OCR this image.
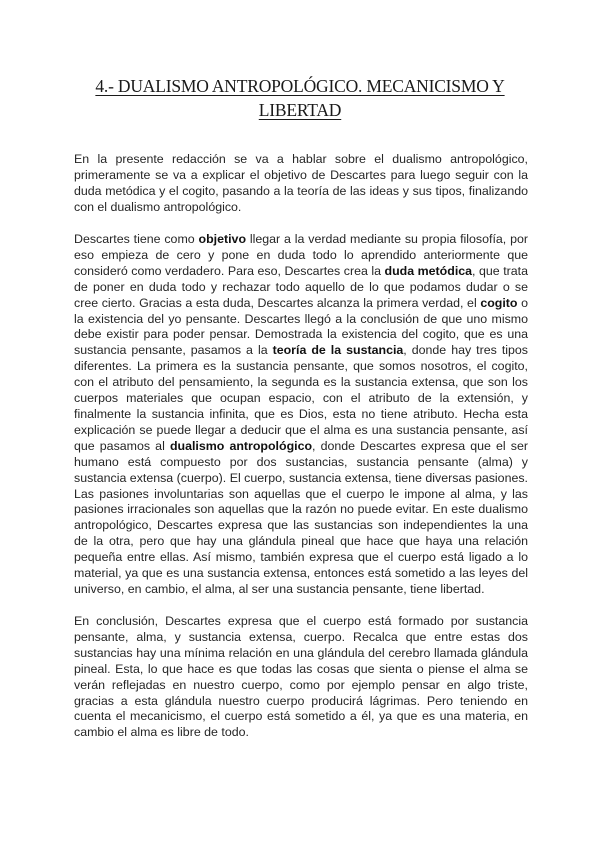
4.- DUALISMO ANTROPOLÓGICO. MECANICISMO Y
LIBERTAD

En la presente redacción se va a hablar sobre el dualismo antropológico, primeramente se va a explicar el objetivo de Descartes para luego seguir con la duda metódica y el cogito, pasando a la teoría de las ideas y sus tipos, finalizando con el dualismo antropológico.

Descartes tiene como objetivo llegar a la verdad mediante su propia filosofía, por eso empieza de cero y pone en duda todo lo aprendido anteriormente que consideró como verdadero. Para eso, Descartes crea la duda metódica, que trata de poner en duda todo y rechazar todo aquello de lo que podamos dudar o se cree cierto. Gracias a esta duda, Descartes alcanza la primera verdad, el cogito o la existencia del yo pensante. Descartes llegó a la conclusión de que uno mismo debe existir para poder pensar. Demostrada la existencia del cogito, que es una sustancia pensante, pasamos a la teoría de la sustancia, donde hay tres tipos diferentes. La primera es la sustancia pensante, que somos nosotros, el cogito, con el atributo del pensamiento, la segunda es la sustancia extensa, que son los cuerpos materiales que ocupan espacio, con el atributo de la extensión, y finalmente la sustancia infinita, que es Dios, esta no tiene atributo. Hecha esta explicación se puede llegar a deducir que el alma es una sustancia pensante, así que pasamos al dualismo antropológico, donde Descartes expresa que el ser humano está compuesto por dos sustancias, sustancia pensante (alma) y sustancia extensa (cuerpo). El cuerpo, sustancia extensa, tiene diversas pasiones. Las pasiones involuntarias son aquellas que el cuerpo le impone al alma, y las pasiones irracionales son aquellas que la razón no puede evitar. En este dualismo antropológico, Descartes expresa que las sustancias son independientes la una de la otra, pero que hay una glándula pineal que hace que haya una relación pequeña entre ellas. Así mismo, también expresa que el cuerpo está ligado a lo material, ya que es una sustancia extensa, entonces está sometido a las leyes del universo, en cambio, el alma, al ser una sustancia pensante, tiene libertad.

En conclusión, Descartes expresa que el cuerpo está formado por sustancia pensante, alma, y sustancia extensa, cuerpo. Recalca que entre estas dos sustancias hay una mínima relación en una glándula del cerebro llamada glándula pineal. Esta, lo que hace es que todas las cosas que sienta o piense el alma se verán reflejadas en nuestro cuerpo, como por ejemplo pensar en algo triste, gracias a esta glándula nuestro cuerpo producirá lágrimas. Pero teniendo en cuenta el mecanicismo, el cuerpo está sometido a él, ya que es una materia, en cambio el alma es libre de todo.
